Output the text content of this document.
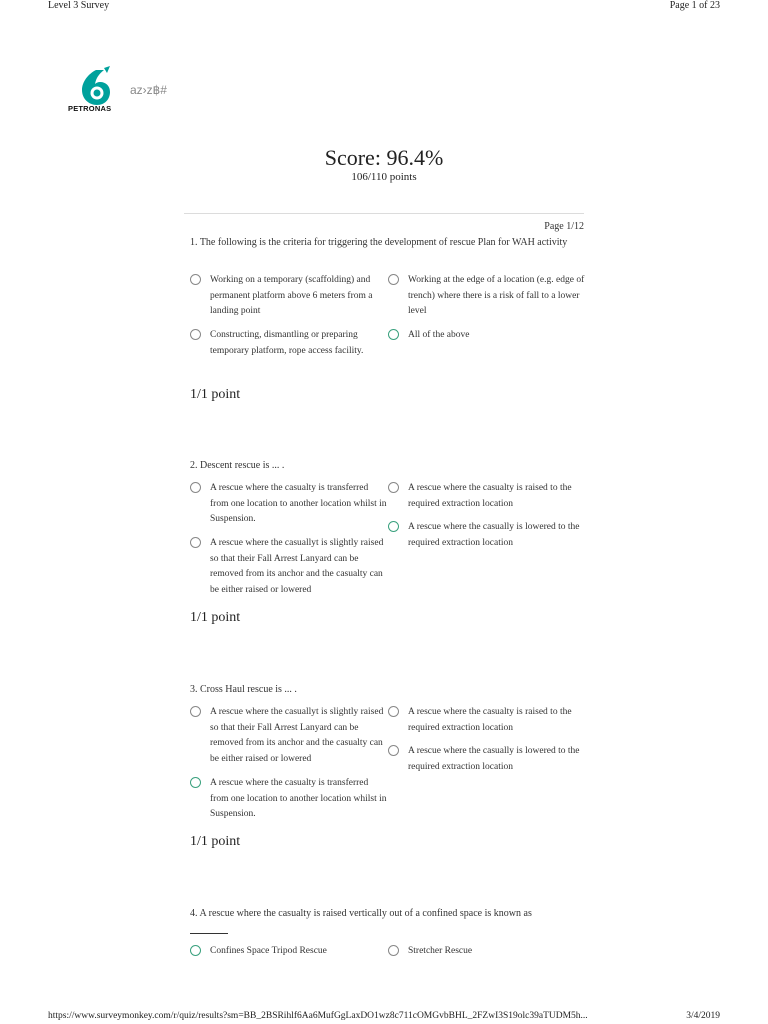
Level 3 Survey	Page 1 of 23
PETRONAS
az›z฿#
Score: 96.4%
106/110 points
Page 1/12
1. The following is the criteria for triggering the development of rescue Plan for WAH activity
Working on a temporary (scaffolding) and permanent platform above 6 meters from a landing point
Working at the edge of a location (e.g. edge of trench) where there is a risk of fall to a lower level
Constructing, dismantling or preparing temporary platform, rope access facility.
All of the above
1/1 point
2. Descent rescue is ... .
A rescue where the casualty is transferred from one location to another location whilst in Suspension.
A rescue where the casualty is raised to the required extraction location
A rescue where the casuallyt is slightly raised so that their Fall Arrest Lanyard can be removed from its anchor and the casualty can be either raised or lowered
A rescue where the casually is lowered to the required extraction location
1/1 point
3. Cross Haul rescue is ... .
A rescue where the casuallyt is slightly raised so that their Fall Arrest Lanyard can be removed from its anchor and the casualty can be either raised or lowered
A rescue where the casualty is raised to the required extraction location
A rescue where the casually is lowered to the required extraction location
A rescue where the casualty is transferred from one location to another location whilst in Suspension.
1/1 point
4. A rescue where the casualty is raised vertically out of a confined space is known as
Confines Space Tripod Rescue	Stretcher Rescue
https://www.surveymonkey.com/r/quiz/results?sm=BB_2BSRihlf6Aa6MufGgLaxDO1wz8c711cOMGvbBHL_2FZwI3S19olc39aTUDM5h...	3/4/2019
